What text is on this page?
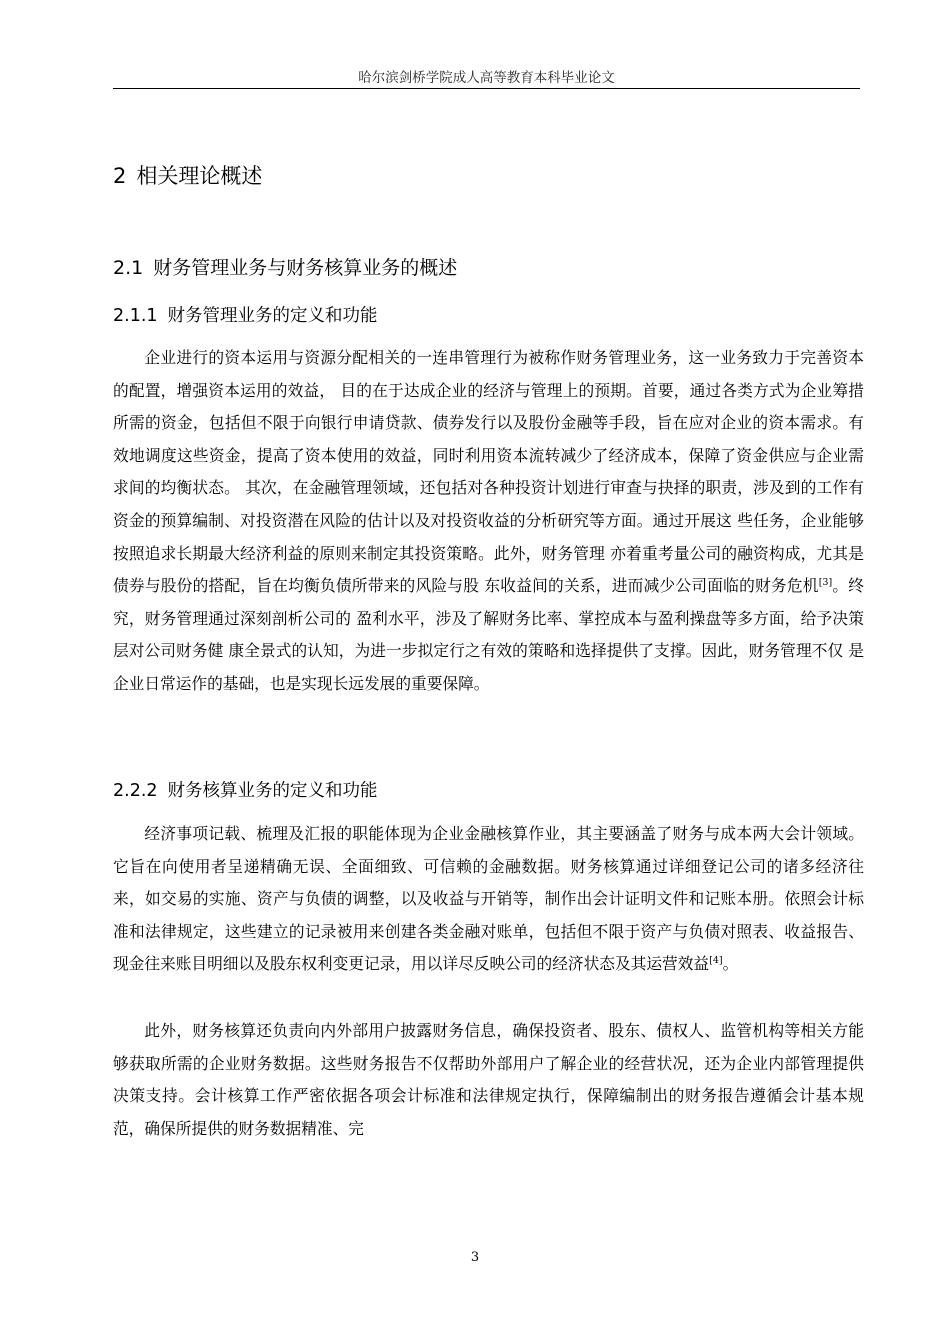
哈尔滨剑桥学院成人高等教育本科毕业论文
2 相关理论概述
2.1 财务管理业务与财务核算业务的概述
2.1.1 财务管理业务的定义和功能

企业进行的资本运用与资源分配相关的一连串管理行为被称作财务管理业务，这一业务致力于完善资本的配置，增强资本运用的效益， 目的在于达成企业的经济与管理上的预期。首要，通过各类方式为企业筹措所需的资金，包括但不限于向银行申请贷款、债券发行以及股份金融等手段，旨在应对企业的资本需求。有效地调度这些资金，提高了资本使用的效益，同时利用资本流转减少了经济成本，保障了资金供应与企业需求间的均衡状态。 其次，在金融管理领域，还包括对各种投资计划进行审查与抉择的职责，涉及到的工作有 资金的预算编制、对投资潜在风险的估计以及对投资收益的分析研究等方面。通过开展这 些任务，企业能够按照追求长期最大经济利益的原则来制定其投资策略。此外，财务管理 亦着重考量公司的融资构成，尤其是债券与股份的搭配，旨在均衡负债所带来的风险与股 东收益间的关系，进而减少公司面临的财务危机[3]。终究，财务管理通过深刻剖析公司的 盈利水平，涉及了解财务比率、掌控成本与盈利操盘等多方面，给予决策层对公司财务健 康全景式的认知，为进一步拟定行之有效的策略和选择提供了支撑。因此，财务管理不仅 是企业日常运作的基础，也是实现长远发展的重要保障。

2.2.2 财务核算业务的定义和功能

经济事项记载、梳理及汇报的职能体现为企业金融核算作业，其主要涵盖了财务与成本两大会计领域。它旨在向使用者呈递精确无误、全面细致、可信赖的金融数据。财务核算通过详细登记公司的诸多经济往来，如交易的实施、资产与负债的调整，以及收益与开销等，制作出会计证明文件和记账本册。依照会计标准和法律规定，这些建立的记录被用来创建各类金融对账单，包括但不限于资产与负债对照表、收益报告、现金往来账目明细以及股东权利变更记录，用以详尽反映公司的经济状态及其运营效益[4]。

此外，财务核算还负责向内外部用户披露财务信息，确保投资者、股东、债权人、监管机构等相关方能够获取所需的企业财务数据。这些财务报告不仅帮助外部用户了解企业的经营状况，还为企业内部管理提供决策支持。会计核算工作严密依据各项会计标准和法律规定执行，保障编制出的财务报告遵循会计基本规范，确保所提供的财务数据精准、完

3
